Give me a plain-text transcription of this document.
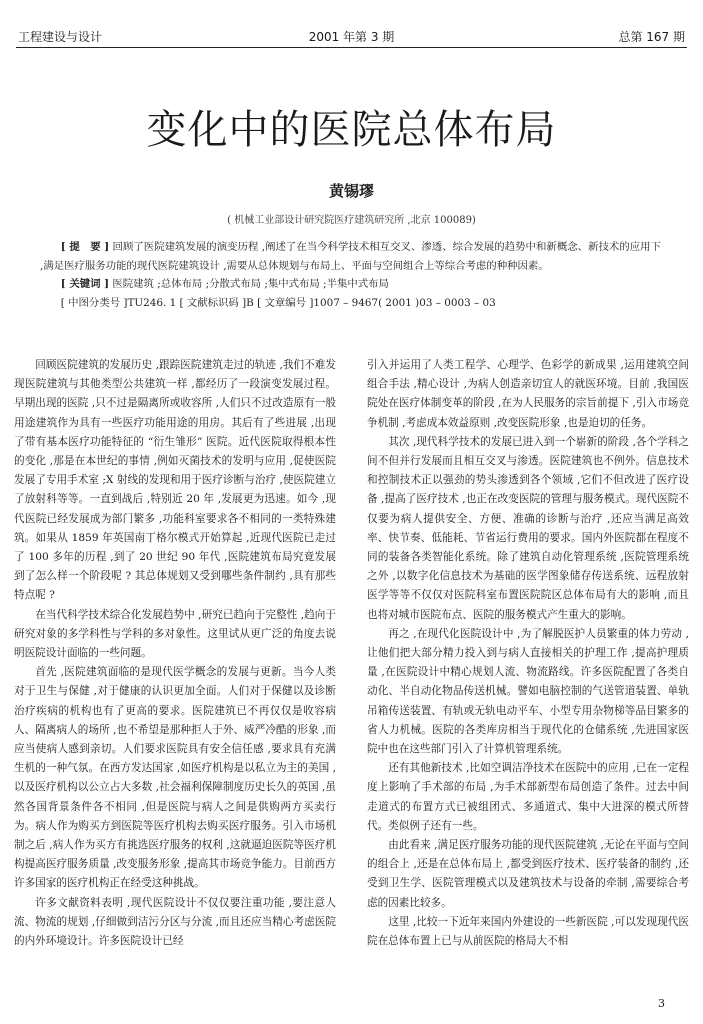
工程建设与设计	2001 年第 3 期	总第 167 期
变化中的医院总体布局
黄锡璆
( 机械工业部设计研究院医疗建筑研究所 ,北京 100089)
[ 提　要 ] 回顾了医院建筑发展的演变历程 ,阐述了在当今科学技术相互交叉、渗透、综合发展的趋势中和新概念、新技术的应用下 ,满足医疗服务功能的现代医院建筑设计 ,需要从总体规划与布局上、平面与空间组合上等综合考虑的种种因素。
[ 关键词 ] 医院建筑 ;总体布局 ;分散式布局 ;集中式布局 ;半集中式布局
[ 中图分类号 ]TU246. 1 [ 文献标识码 ]B [ 文章编号 ]1007 – 9467( 2001 )03 – 0003 – 03

回顾医院建筑的发展历史 ,跟踪医院建筑走过的轨迹 ,我们不难发现医院建筑与其他类型公共建筑一样 ,都经历了一段演变发展过程。早期出现的医院 ,只不过是隔离所或收容所 ,人们只不过改造原有一般用途建筑作为具有一些医疗功能用途的用房。其后有了些进展 ,出现了带有基本医疗功能特征的 “衍生雏形” 医院。近代医院取得根本性的变化 ,那是在本世纪的事情 ,例如灭菌技术的发明与应用 ,促使医院发展了专用手术室 ;X 射线的发现和用于医疗诊断与治疗 ,使医院建立了放射科等等。一直到战后 ,特别近 20 年 ,发展更为迅速。如今 ,现代医院已经发展成为部门繁多 ,功能科室要求各不相同的一类特殊建筑。如果从 1859 年英国南丁格尔模式开始算起 ,近现代医院已走过了 100 多年的历程 ,到了 20 世纪 90 年代 ,医院建筑布局究竟发展到了怎么样一个阶段呢 ? 其总体规划又受到哪些条件制约 ,具有那些特点呢 ?

在当代科学技术综合化发展趋势中 ,研究已趋向于完整性 ,趋向于研究对象的多学科性与学科的多对象性。这里试从更广泛的角度去说明医院设计面临的一些问题。

首先 ,医院建筑面临的是现代医学概念的发展与更新。当今人类对于卫生与保健 ,对于健康的认识更加全面。人们对于保健以及诊断治疗疾病的机构也有了更高的要求。医院建筑已不再仅仅是收容病人、隔离病人的场所 ,也不希望是那种拒人于外、威严冷酷的形象 ,而应当使病人感到亲切。人们要求医院具有安全信任感 ,要求具有充满生机的一种气氛。在西方发达国家 ,如医疗机构是以私立为主的美国 ,以及医疗机构以公立占大多数 ,社会福利保障制度历史长久的英国 ,虽然各国背景条件各不相同 ,但是医院与病人之间是供购两方买卖行为。病人作为购买方到医院等医疗机构去购买医疗服务。引入市场机制之后 ,病人作为买方有挑选医疗服务的权利 ,这就逼迫医院等医疗机构提高医疗服务质量 ,改变服务形象 ,提高其市场竞争能力。目前西方许多国家的医疗机构正在经受这种挑战。

许多文献资料表明 ,现代医院设计不仅仅要注重功能 ,要注意人流、物流的规划 ,仔细做到洁污分区与分流 ,而且还应当精心考虑医院的内外环境设计。许多医院设计已经

引入并运用了人类工程学、心理学、色彩学的新成果 ,运用建筑空间组合手法 ,精心设计 ,为病人创造亲切宜人的就医环境。目前 ,我国医院处在医疗体制变革的阶段 ,在为人民服务的宗旨前提下 ,引入市场竞争机制 ,考虑成本效益原则 ,改变医院形象 ,也是迫切的任务。

其次 ,现代科学技术的发展已进入到一个崭新的阶段 ,各个学科之间不但并行发展而且相互交叉与渗透。医院建筑也不例外。信息技术和控制技术正以强劲的势头渗透到各个领域 ,它们不但改进了医疗设备 ,提高了医疗技术 ,也正在改变医院的管理与服务模式。现代医院不仅要为病人提供安全、方便、准确的诊断与治疗 ,还应当满足高效率、快节奏、低能耗、节省运行费用的要求。国内外医院都在程度不同的装备各类智能化系统。除了建筑自动化管理系统 ,医院管理系统之外 ,以数字化信息技术为基础的医学图象储存传送系统、远程放射医学等等不仅仅对医院科室布置医院院区总体布局有大的影响 ,而且也将对城市医院布点、医院的服务模式产生重大的影响。

再之 ,在现代化医院设计中 ,为了解脱医护人员繁重的体力劳动 ,让他们把大部分精力投入到与病人直接相关的护理工作 ,提高护理质量 ,在医院设计中精心规划人流、物流路线。许多医院配置了各类自动化、半自动化物品传送机械。譬如电脑控制的气送管道装置、单轨吊箱传送装置、有轨或无轨电动平车、小型专用杂物梯等品目繁多的省人力机械。医院的各类库房相当于现代化的仓储系统 ,先进国家医院中也在这些部门引入了计算机管理系统。

还有其他新技术 ,比如空调洁净技术在医院中的应用 ,已在一定程度上影响了手术部的布局 ,为手术部新型布局创造了条件。过去中间走道式的布置方式已被组团式、多通道式、集中大进深的模式所替代。类似例子还有一些。

由此看来 ,满足医疗服务功能的现代医院建筑 ,无论在平面与空间的组合上 ,还是在总体布局上 ,都受到医疗技术、医疗装备的制约 ,还受到卫生学、医院管理模式以及建筑技术与设备的牵制 ,需要综合考虑的因素比较多。

这里 ,比较一下近年来国内外建设的一些新医院 ,可以发现现代医院在总体布置上已与从前医院的格局大不相

3
